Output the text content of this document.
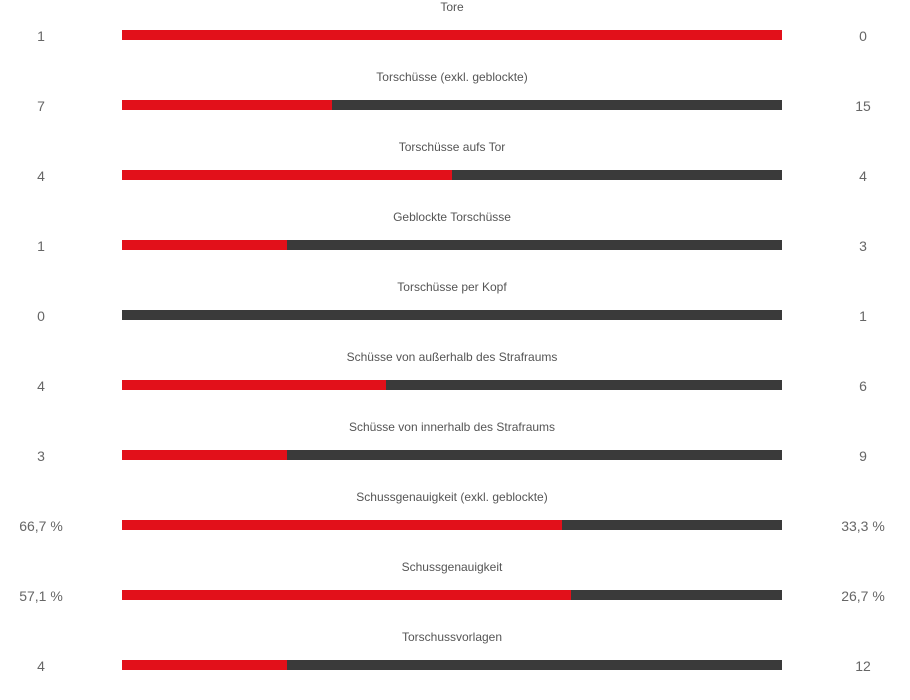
Tore
1	0
Torschüsse (exkl. geblockte)
7	15
Torschüsse aufs Tor
4	4
Geblockte Torschüsse
1	3
Torschüsse per Kopf
0	1
Schüsse von außerhalb des Strafraums
4	6
Schüsse von innerhalb des Strafraums
3	9
Schussgenauigkeit (exkl. geblockte)
66,7 %	33,3 %
Schussgenauigkeit
57,1 %	26,7 %
Torschussvorlagen
4	12
